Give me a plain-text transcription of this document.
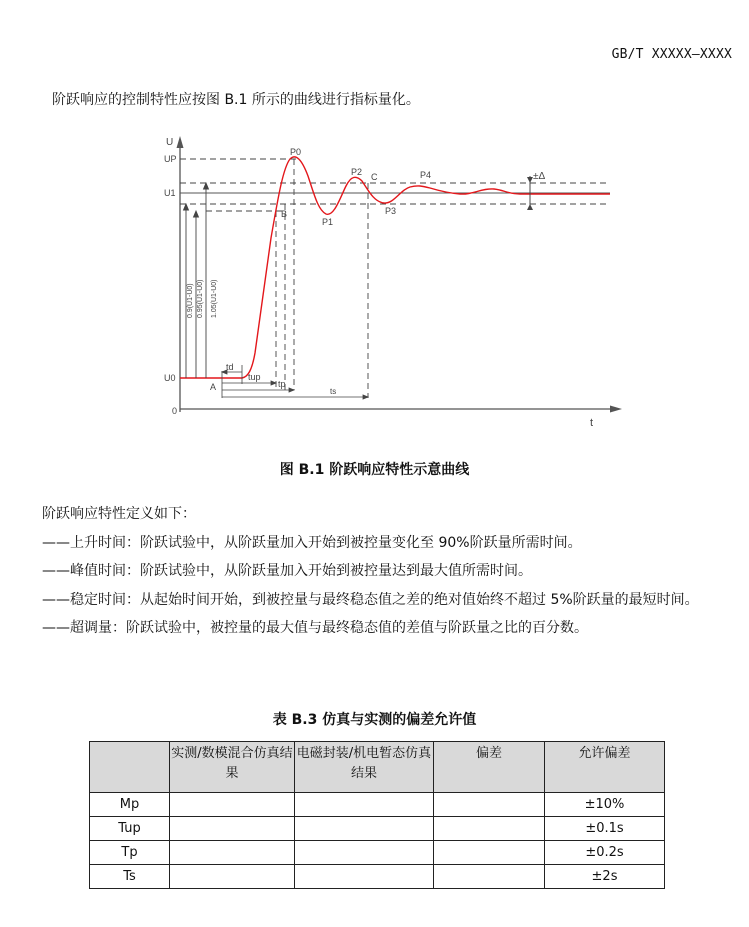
GB/T XXXXX—XXXX
阶跃响应的控制特性应按图 B.1 所示的曲线进行指标量化。
U
UP
U1
U0
0
t
P0
P1
P2
P3
P4
A
B
C	±Δ
0.9(U1-U0) 0.95(U1-U0) 1.05(U1-U0)
td
tup
tp
ts
图 B.1 阶跃响应特性示意曲线

阶跃响应特性定义如下：

——上升时间：阶跃试验中，从阶跃量加入开始到被控量变化至 90%阶跃量所需时间。

——峰值时间：阶跃试验中，从阶跃量加入开始到被控量达到最大值所需时间。

——稳定时间：从起始时间开始，到被控量与最终稳态值之差的绝对值始终不超过 5%阶跃量的最短时间。

——超调量：阶跃试验中，被控量的最大值与最终稳态值的差值与阶跃量之比的百分数。

表 B.3 仿真与实测的偏差允许值
	实测/数模混合仿真结果	电磁封装/机电暂态仿真结果	偏差	允许偏差
Mp				±10%
Tup				±0.1s
Tp				±0.2s
Ts				±2s
